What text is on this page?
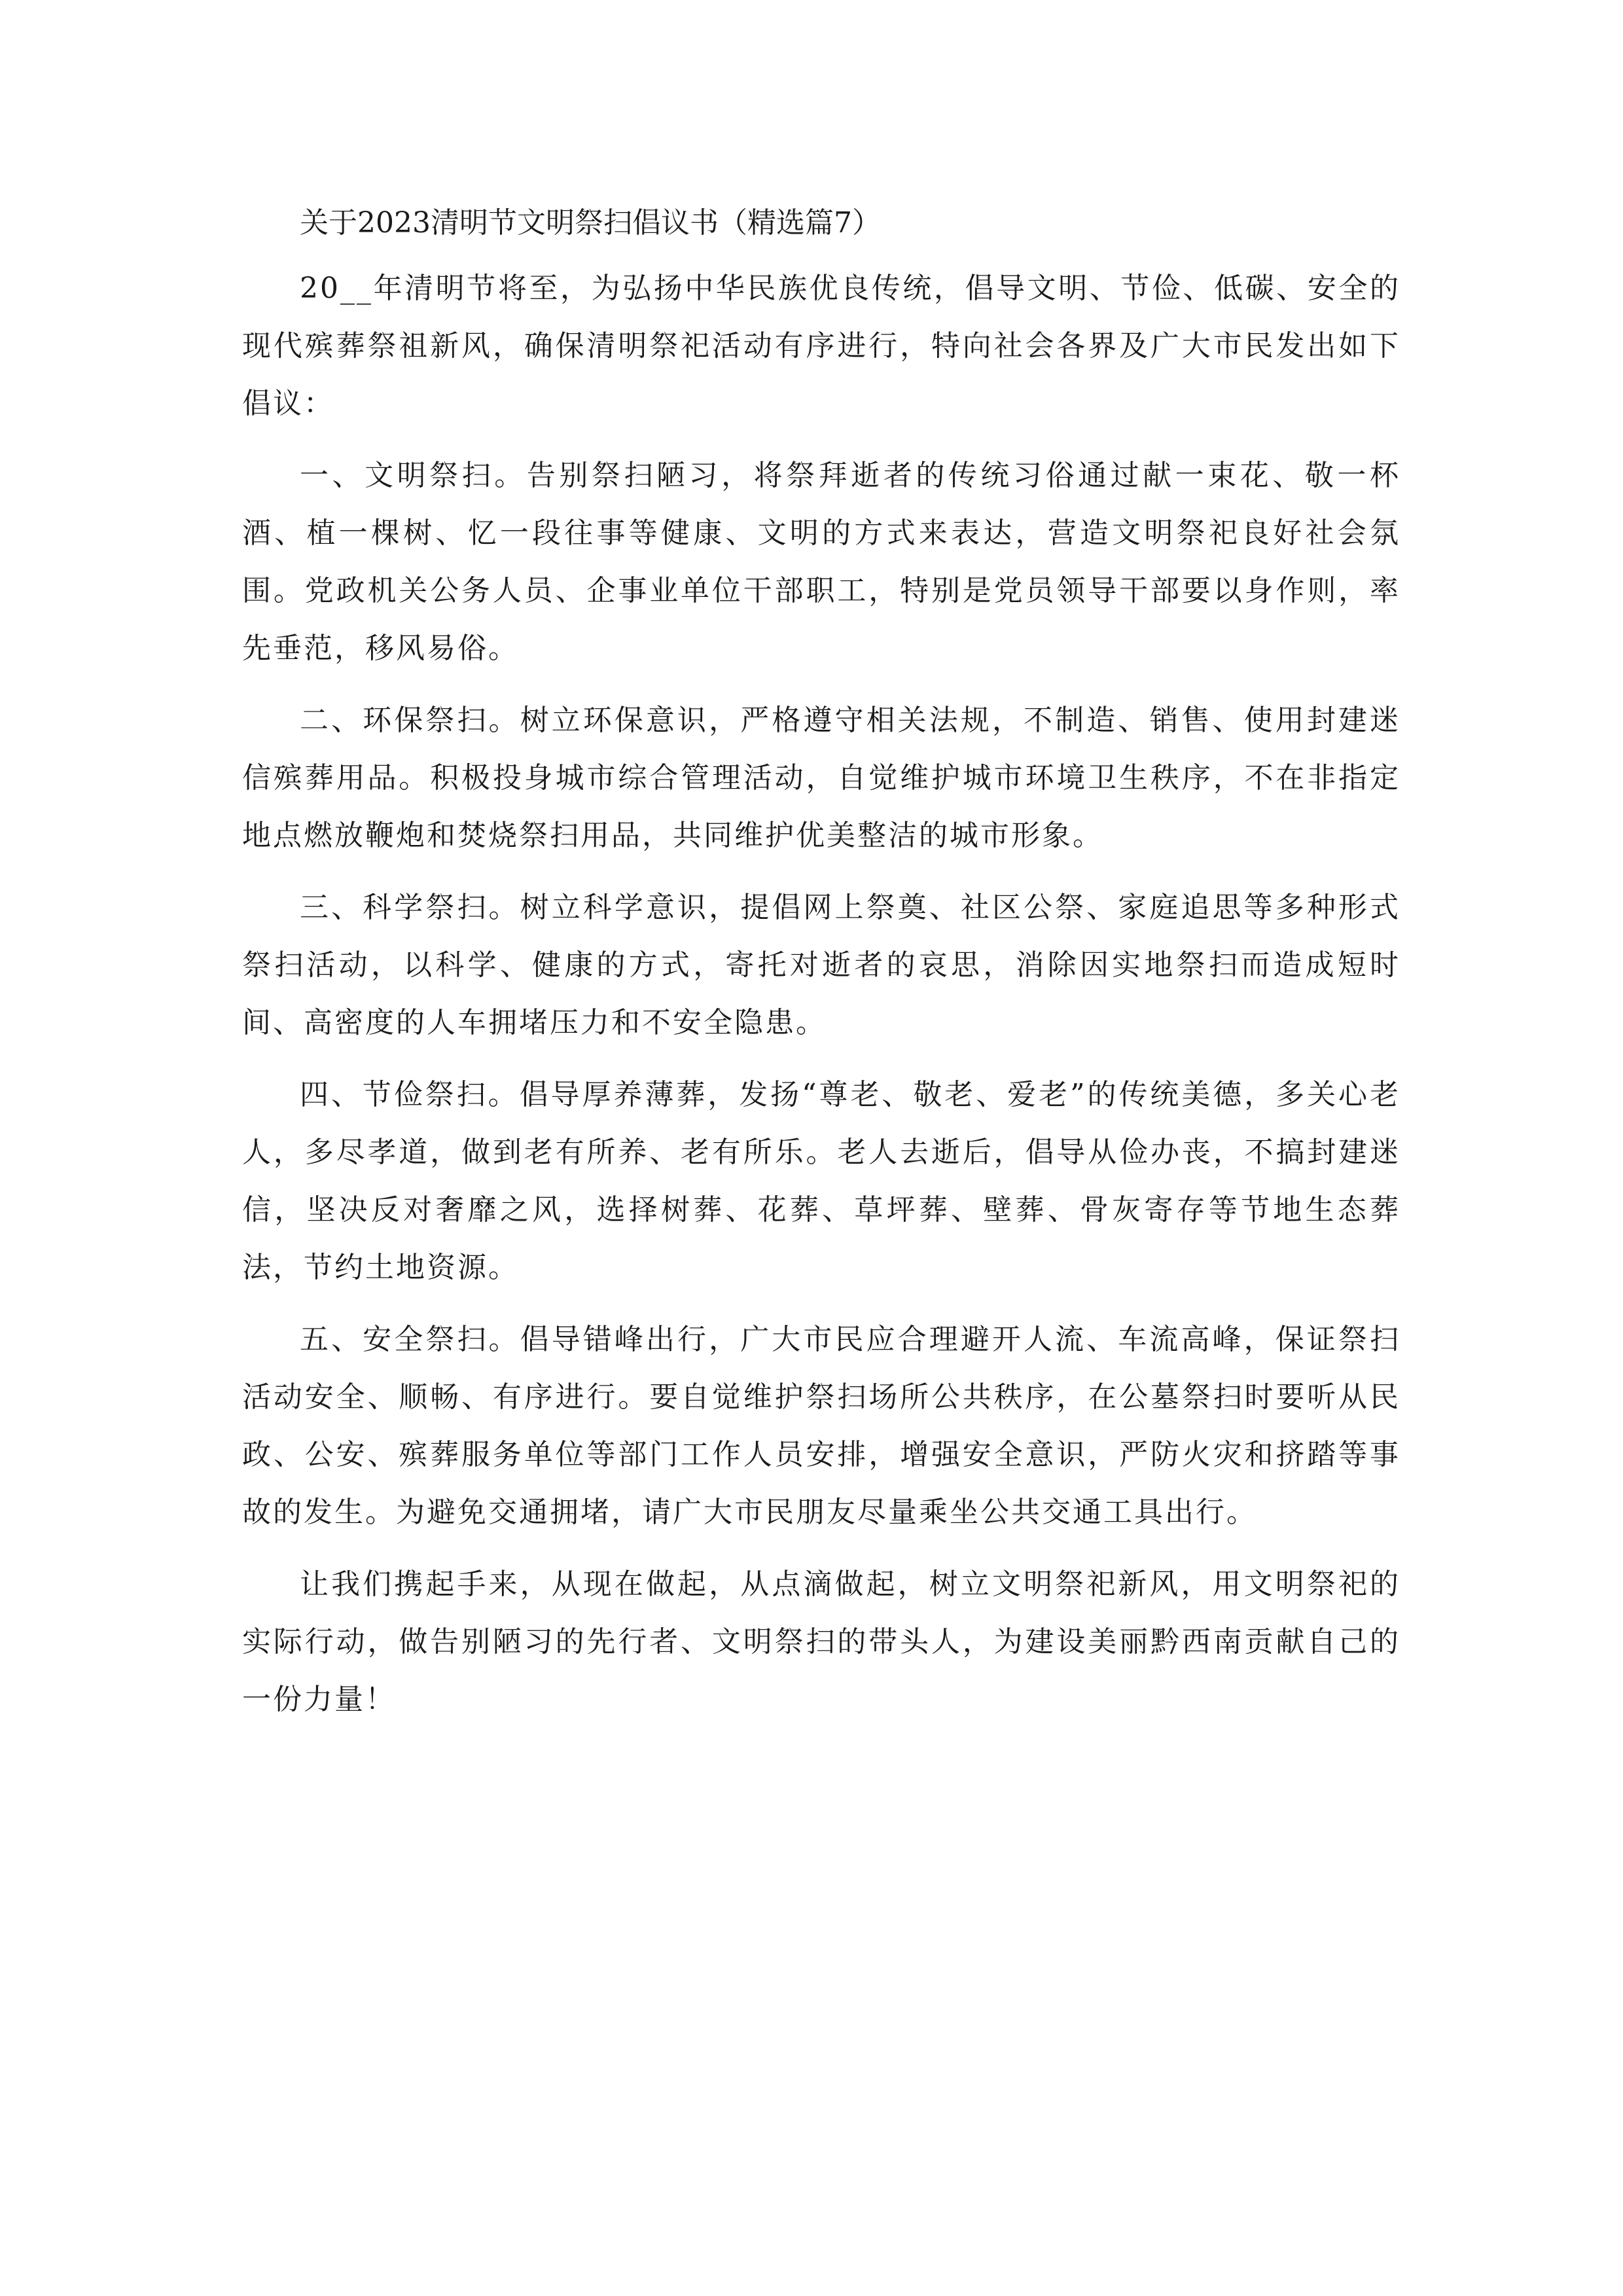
关于2023清明节文明祭扫倡议书（精选篇7）

20__年清明节将至，为弘扬中华民族优良传统，倡导文明、节俭、低碳、安全的现代殡葬祭祖新风，确保清明祭祀活动有序进行，特向社会各界及广大市民发出如下倡议：

一、文明祭扫。告别祭扫陋习，将祭拜逝者的传统习俗通过献一束花、敬一杯酒、植一棵树、忆一段往事等健康、文明的方式来表达，营造文明祭祀良好社会氛围。党政机关公务人员、企事业单位干部职工，特别是党员领导干部要以身作则，率先垂范，移风易俗。

二、环保祭扫。树立环保意识，严格遵守相关法规，不制造、销售、使用封建迷信殡葬用品。积极投身城市综合管理活动，自觉维护城市环境卫生秩序，不在非指定地点燃放鞭炮和焚烧祭扫用品，共同维护优美整洁的城市形象。

三、科学祭扫。树立科学意识，提倡网上祭奠、社区公祭、家庭追思等多种形式祭扫活动，以科学、健康的方式，寄托对逝者的哀思，消除因实地祭扫而造成短时间、高密度的人车拥堵压力和不安全隐患。

四、节俭祭扫。倡导厚养薄葬，发扬“尊老、敬老、爱老”的传统美德，多关心老人，多尽孝道，做到老有所养、老有所乐。老人去逝后，倡导从俭办丧，不搞封建迷信，坚决反对奢靡之风，选择树葬、花葬、草坪葬、壁葬、骨灰寄存等节地生态葬法，节约土地资源。

五、安全祭扫。倡导错峰出行，广大市民应合理避开人流、车流高峰，保证祭扫活动安全、顺畅、有序进行。要自觉维护祭扫场所公共秩序，在公墓祭扫时要听从民政、公安、殡葬服务单位等部门工作人员安排，增强安全意识，严防火灾和挤踏等事故的发生。为避免交通拥堵，请广大市民朋友尽量乘坐公共交通工具出行。

让我们携起手来，从现在做起，从点滴做起，树立文明祭祀新风，用文明祭祀的实际行动，做告别陋习的先行者、文明祭扫的带头人，为建设美丽黔西南贡献自己的一份力量！
